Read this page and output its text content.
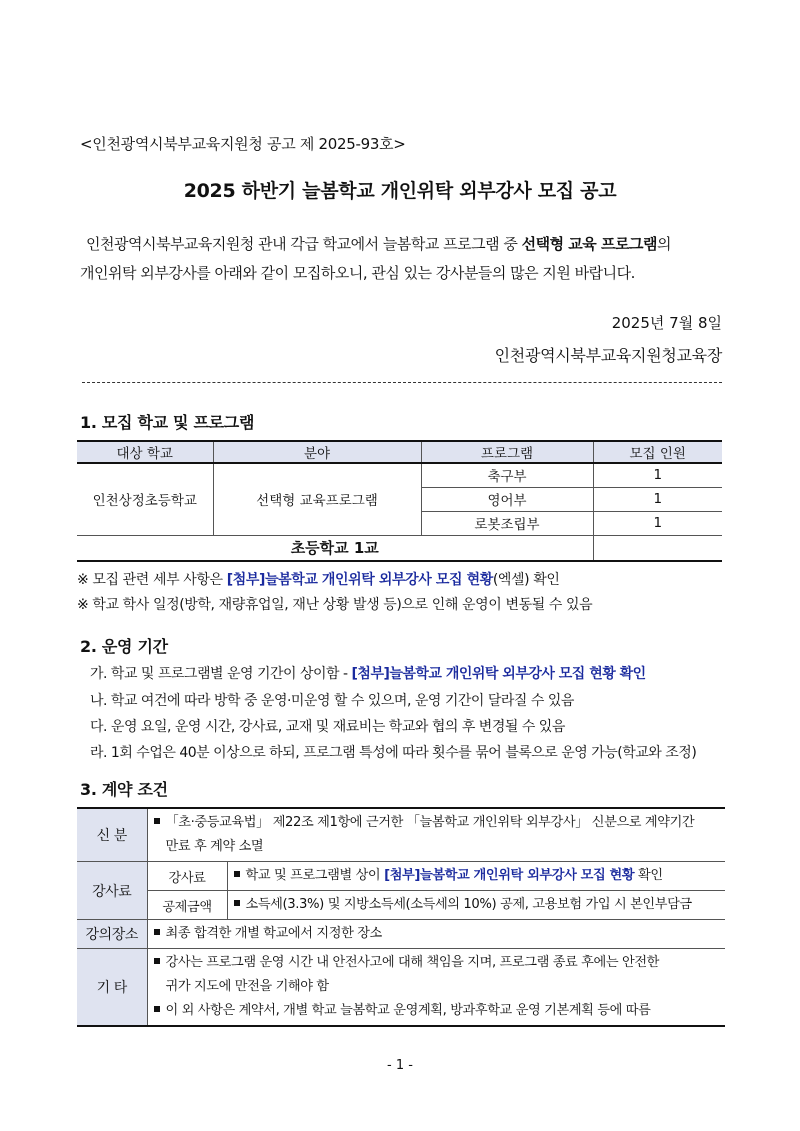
<인천광역시북부교육지원청 공고 제 2025-93호>
2025 하반기 늘봄학교 개인위탁 외부강사 모집 공고
인천광역시북부교육지원청 관내 각급 학교에서 늘봄학교 프로그램 중 선택형 교육 프로그램의
개인위탁 외부강사를 아래와 같이 모집하오니, 관심 있는 강사분들의 많은 지원 바랍니다.
2025년 7월 8일
인천광역시북부교육지원청교육장
1. 모집 학교 및 프로그램
대상 학교	분야	프로그램	모집 인원
인천상정초등학교	선택형 교육프로그램	축구부	1
		영어부	1
		로봇조립부	1
초등학교 1교			
※ 모집 관련 세부 사항은 [첨부]늘봄학교 개인위탁 외부강사 모집 현황(엑셀) 확인
※ 학교 학사 일정(방학, 재량휴업일, 재난 상황 발생 등)으로 인해 운영이 변동될 수 있음
2. 운영 기간
가. 학교 및 프로그램별 운영 기간이 상이함 - [첨부]늘봄학교 개인위탁 외부강사 모집 현황 확인
나. 학교 여건에 따라 방학 중 운영·미운영 할 수 있으며, 운영 기간이 달라질 수 있음
다. 운영 요일, 운영 시간, 강사료, 교재 및 재료비는 학교와 협의 후 변경될 수 있음
라. 1회 수업은 40분 이상으로 하되, 프로그램 특성에 따라 횟수를 묶어 블록으로 운영 가능(학교와 조정)
3. 계약 조건
신 분	「초·중등교육법」 제22조 제1항에 근거한 「늘봄학교 개인위탁 외부강사」 신분으로 계약기간
만료 후 계약 소멸	

강사료	강사료	학교 및 프로그램별 상이 [첨부]늘봄학교 개인위탁 외부강사 모집 현황 확인
	공제금액	소득세(3.3%) 및 지방소득세(소득세의 10%) 공제, 고용보험 가입 시 본인부담금
강의장소	최종 합격한 개별 학교에서 지정한 장소	
기 타	강사는 프로그램 운영 시간 내 안전사고에 대해 책임을 지며, 프로그램 종료 후에는 안전한
귀가 지도에 만전을 기해야 함
이 외 사항은 계약서, 개별 학교 늘봄학교 운영계획, 방과후학교 운영 기본계획 등에 따름	
- 1 -
